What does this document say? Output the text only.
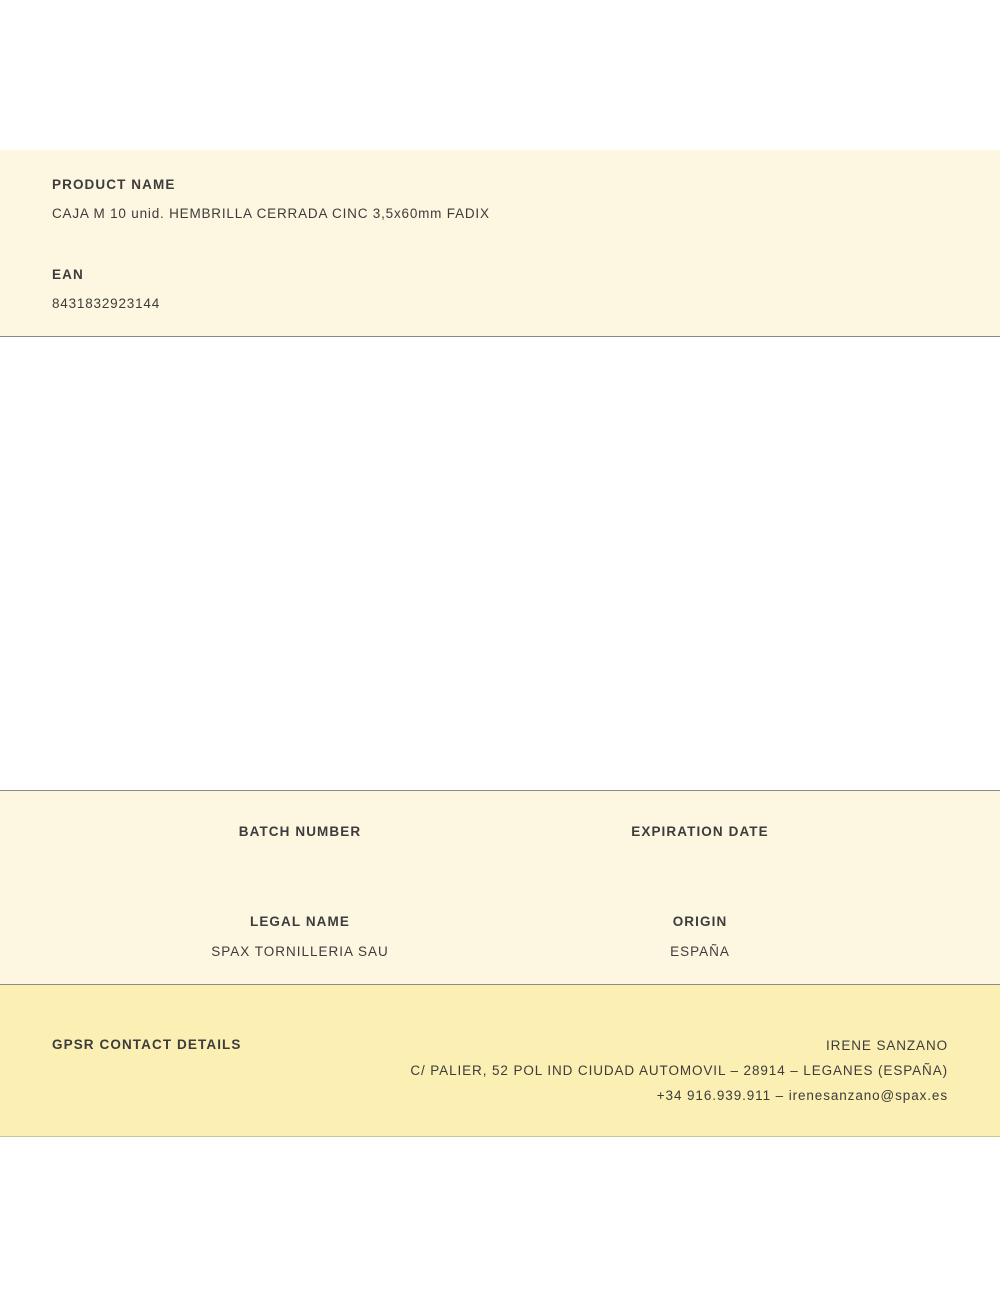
PRODUCT NAME
CAJA M 10 unid. HEMBRILLA CERRADA CINC 3,5x60mm FADIX
EAN
8431832923144
BATCH NUMBER	EXPIRATION DATE
LEGAL NAME	ORIGIN
SPAX TORNILLERIA SAU	ESPAÑA
GPSR CONTACT DETAILS	IRENE SANZANO
C/ PALIER, 52 POL IND CIUDAD AUTOMOVIL – 28914 – LEGANES (ESPAÑA)
+34 916.939.911 – irenesanzano@spax.es
